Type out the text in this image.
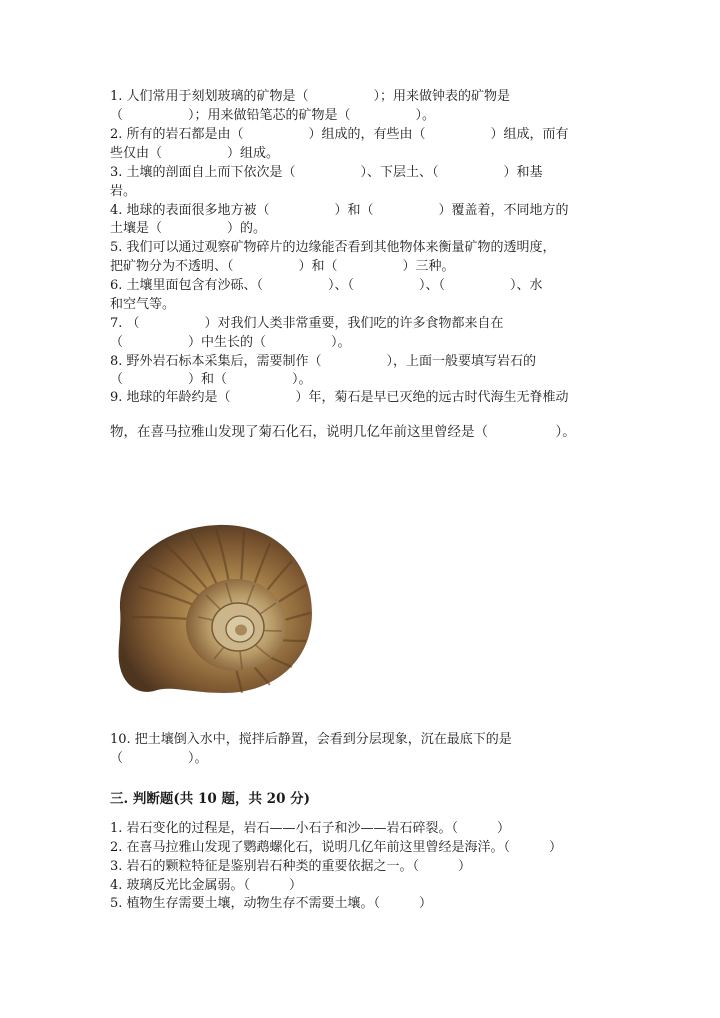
1. 人们常用于刻划玻璃的矿物是（　　　　　）；用来做钟表的矿物是
（　　　　　）；用来做铅笔芯的矿物是（　　　　　）。
2. 所有的岩石都是由（　　　　　）组成的，有些由（　　　　　）组成，而有
些仅由（　　　　　）组成。
3. 土壤的剖面自上而下依次是（　　　　　）、下层土、（　　　　　）和基
岩。
4. 地球的表面很多地方被（　　　　　）和（　　　　　）覆盖着，不同地方的
土壤是（　　　　　）的。
5. 我们可以通过观察矿物碎片的边缘能否看到其他物体来衡量矿物的透明度，
把矿物分为不透明、（　　　　　）和（　　　　　）三种。
6. 土壤里面包含有沙砾、（　　　　　）、（　　　　　）、（　　　　　）、水
和空气等。
7. （　　　　　）对我们人类非常重要，我们吃的许多食物都来自在
（　　　　　）中生长的（　　　　　）。
8. 野外岩石标本采集后，需要制作（　　　　　），上面一般要填写岩石的
（　　　　　）和（　　　　　）。
9. 地球的年龄约是（　　　　　）年，菊石是早已灭绝的远古时代海生无脊椎动
物，在喜马拉雅山发现了菊石化石，说明几亿年前这里曾经是（　　　　　）。
10. 把土壤倒入水中，搅拌后静置，会看到分层现象，沉在最底下的是
（　　　　　）。
三. 判断题(共 10 题，共 20 分)
1. 岩石变化的过程是，岩石——小石子和沙——岩石碎裂。（　　　）
2. 在喜马拉雅山发现了鹦鹉螺化石，说明几亿年前这里曾经是海洋。（　　　）
3. 岩石的颗粒特征是鉴别岩石种类的重要依据之一。（　　　）
4. 玻璃反光比金属弱。（　　　）
5. 植物生存需要土壤，动物生存不需要土壤。（　　　）
